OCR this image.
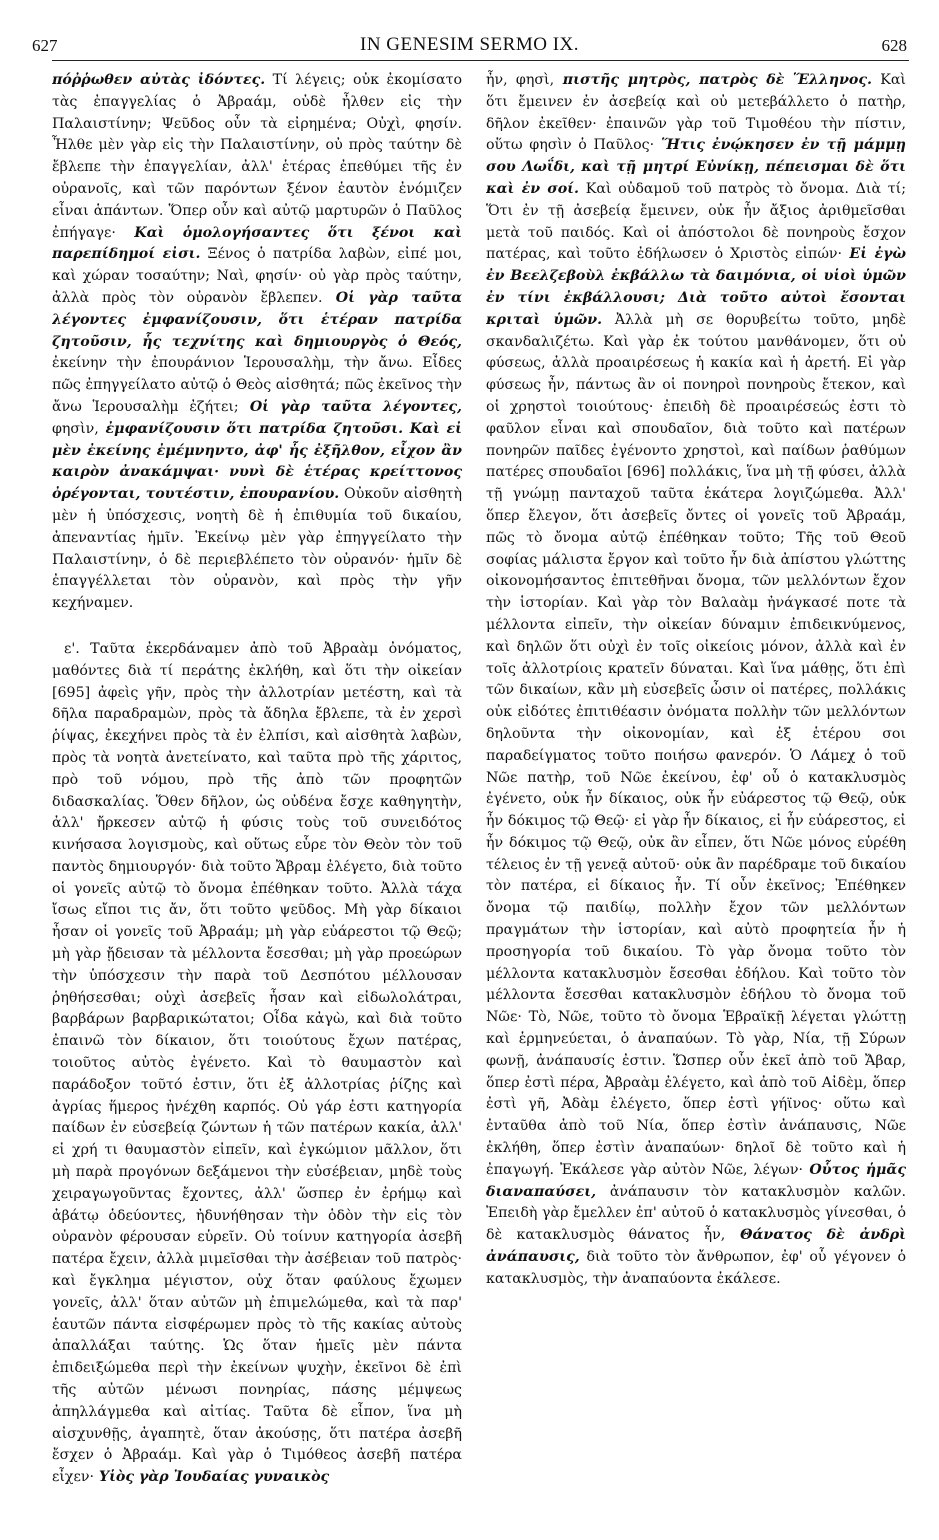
627	IN GENESIM SERMO IX.	628

πόῤῥωθεν αὐτὰς ἰδόντες. Τί λέγεις; οὐκ ἐκομίσατο τὰς ἐπαγγελίας ὁ Ἀβραάμ, οὐδὲ ἦλθεν εἰς τὴν Παλαιστίνην; Ψεῦδος οὖν τὰ εἰρημένα; Οὐχὶ, φησίν. Ἦλθε μὲν γὰρ εἰς τὴν Παλαιστίνην, οὐ πρὸς ταύτην δὲ ἔβλεπε τὴν ἐπαγγελίαν, ἀλλ' ἑτέρας ἐπεθύμει τῆς ἐν οὐρανοῖς, καὶ τῶν παρόντων ξένον ἑαυτὸν ἐνόμιζεν εἶναι ἁπάντων. Ὅπερ οὖν καὶ αὐτῷ μαρτυρῶν ὁ Παῦλος ἐπήγαγε· Καὶ ὁμολογήσαντες ὅτι ξένοι καὶ παρεπίδημοί εἰσι. Ξένος ὁ πατρίδα λαβὼν, εἰπέ μοι, καὶ χώραν τοσαύτην; Ναὶ, φησίν· οὐ γὰρ πρὸς ταύτην, ἀλλὰ πρὸς τὸν οὐρανὸν ἔβλεπεν. Οἱ γὰρ ταῦτα λέγοντες ἐμφανίζουσιν, ὅτι ἑτέραν πατρίδα ζητοῦσιν, ἧς τεχνίτης καὶ δημιουργὸς ὁ Θεός, ἐκείνην τὴν ἐπουράνιον Ἱερουσαλὴμ, τὴν ἄνω. Εἶδες πῶς ἐπηγγείλατο αὐτῷ ὁ Θεὸς αἰσθητά; πῶς ἐκεῖνος τὴν ἄνω Ἱερουσαλὴμ ἐζήτει; Οἱ γὰρ ταῦτα λέγοντες, φησὶν, ἐμφανίζουσιν ὅτι πατρίδα ζητοῦσι. Καὶ εἰ μὲν ἐκείνης ἐμέμνηντο, ἀφ' ἧς ἐξῆλθον, εἶχον ἂν καιρὸν ἀνακάμψαι· νυνὶ δὲ ἑτέρας κρείττονος ὀρέγονται, τουτέστιν, ἐπουρανίου. Οὐκοῦν αἰσθητὴ μὲν ἡ ὑπόσχεσις, νοητὴ δὲ ἡ ἐπιθυμία τοῦ δικαίου, ἀπεναντίας ἡμῖν. Ἐκείνῳ μὲν γὰρ ἐπηγγείλατο τὴν Παλαιστίνην, ὁ δὲ περιεβλέπετο τὸν οὐρανόν· ἡμῖν δὲ ἐπαγγέλλεται τὸν οὐρανὸν, καὶ πρὸς τὴν γῆν κεχήναμεν.

ε'. Ταῦτα ἐκερδάναμεν ἀπὸ τοῦ Ἀβραὰμ ὀνόματος, μαθόντες διὰ τί περάτης ἐκλήθη, καὶ ὅτι τὴν οἰκείαν [695] ἀφεὶς γῆν, πρὸς τὴν ἀλλοτρίαν μετέστη, καὶ τὰ δῆλα παραδραμὼν, πρὸς τὰ ἄδηλα ἔβλεπε, τὰ ἐν χερσὶ ῥίψας, ἐκεχήνει πρὸς τὰ ἐν ἐλπίσι, καὶ αἰσθητὰ λαβὼν, πρὸς τὰ νοητὰ ἀνετείνατο, καὶ ταῦτα πρὸ τῆς χάριτος, πρὸ τοῦ νόμου, πρὸ τῆς ἀπὸ τῶν προφητῶν διδασκαλίας. Ὅθεν δῆλον, ὡς οὐδένα ἔσχε καθηγητὴν, ἀλλ' ἤρκεσεν αὐτῷ ἡ φύσις τοὺς τοῦ συνειδότος κινήσασα λογισμοὺς, καὶ οὕτως εὗρε τὸν Θεὸν τὸν τοῦ παντὸς δημιουργόν· διὰ τοῦτο Ἄβραμ ἐλέγετο, διὰ τοῦτο οἱ γονεῖς αὐτῷ τὸ ὄνομα ἐπέθηκαν τοῦτο. Ἀλλὰ τάχα ἴσως εἴποι τις ἄν, ὅτι τοῦτο ψεῦδος. Μὴ γὰρ δίκαιοι ἦσαν οἱ γονεῖς τοῦ Ἀβραάμ; μὴ γὰρ εὐάρεστοι τῷ Θεῷ; μὴ γὰρ ᾔδεισαν τὰ μέλλοντα ἔσεσθαι; μὴ γὰρ προεώρων τὴν ὑπόσχεσιν τὴν παρὰ τοῦ Δεσπότου μέλλουσαν ῥηθήσεσθαι; οὐχὶ ἀσεβεῖς ἦσαν καὶ εἰδωλολάτραι, βαρβάρων βαρβαρικώτατοι; Οἶδα κἀγὼ, καὶ διὰ τοῦτο ἐπαινῶ τὸν δίκαιον, ὅτι τοιούτους ἔχων πατέρας, τοιοῦτος αὐτὸς ἐγένετο. Καὶ τὸ θαυμαστὸν καὶ παράδοξον τοῦτό ἐστιν, ὅτι ἐξ ἀλλοτρίας ῥίζης καὶ ἀγρίας ἥμερος ἠνέχθη καρπός. Οὐ γάρ ἐστι κατηγορία παίδων ἐν εὐσεβείᾳ ζώντων ἡ τῶν πατέρων κακία, ἀλλ' εἰ χρή τι θαυμαστὸν εἰπεῖν, καὶ ἐγκώμιον μᾶλλον, ὅτι μὴ παρὰ προγόνων δεξάμενοι τὴν εὐσέβειαν, μηδὲ τοὺς χειραγωγοῦντας ἔχοντες, ἀλλ' ὥσπερ ἐν ἐρήμῳ καὶ ἀβάτῳ ὁδεύοντες, ἠδυνήθησαν τὴν ὁδὸν τὴν εἰς τὸν οὐρανὸν φέρουσαν εὑρεῖν. Οὐ τοίνυν κατηγορία ἀσεβῆ πατέρα ἔχειν, ἀλλὰ μιμεῖσθαι τὴν ἀσέβειαν τοῦ πατρὸς· καὶ ἔγκλημα μέγιστον, οὐχ ὅταν φαύλους ἔχωμεν γονεῖς, ἀλλ' ὅταν αὐτῶν μὴ ἐπιμελώμεθα, καὶ τὰ παρ' ἑαυτῶν πάντα εἰσφέρωμεν πρὸς τὸ τῆς κακίας αὐτοὺς ἀπαλλάξαι ταύτης. Ὡς ὅταν ἡμεῖς μὲν πάντα ἐπιδειξώμεθα περὶ τὴν ἐκείνων ψυχὴν, ἐκεῖνοι δὲ ἐπὶ τῆς αὐτῶν μένωσι πονηρίας, πάσης μέμψεως ἀπηλλάγμεθα καὶ αἰτίας. Ταῦτα δὲ εἶπον, ἵνα μὴ αἰσχυνθῇς, ἀγαπητὲ, ὅταν ἀκούσῃς, ὅτι πατέρα ἀσεβῆ ἔσχεν ὁ Ἀβραάμ. Καὶ γὰρ ὁ Τιμόθεος ἀσεβῆ πατέρα εἶχεν· Υἱὸς γὰρ Ἰουδαίας γυναικὸς

ἦν, φησὶ, πιστῆς μητρὸς, πατρὸς δὲ Ἕλληνος. Καὶ ὅτι ἔμεινεν ἐν ἀσεβείᾳ καὶ οὐ μετεβάλλετο ὁ πατὴρ, δῆλον ἐκεῖθεν· ἐπαινῶν γὰρ τοῦ Τιμοθέου τὴν πίστιν, οὕτω φησὶν ὁ Παῦλος· Ἥτις ἐνῴκησεν ἐν τῇ μάμμῃ σου Λωΐδι, καὶ τῇ μητρί Εὐνίκῃ, πέπεισμαι δὲ ὅτι καὶ ἐν σοί. Καὶ οὐδαμοῦ τοῦ πατρὸς τὸ ὄνομα. Διὰ τί; Ὅτι ἐν τῇ ἀσεβείᾳ ἔμεινεν, οὐκ ἦν ἄξιος ἀριθμεῖσθαι μετὰ τοῦ παιδός. Καὶ οἱ ἀπόστολοι δὲ πονηροὺς ἔσχον πατέρας, καὶ τοῦτο ἐδήλωσεν ὁ Χριστὸς εἰπών· Εἰ ἐγὼ ἐν Βεελζεβοὺλ ἐκβάλλω τὰ δαιμόνια, οἱ υἱοὶ ὑμῶν ἐν τίνι ἐκβάλλουσι; Διὰ τοῦτο αὐτοὶ ἔσονται κριταὶ ὑμῶν. Ἀλλὰ μὴ σε θορυβείτω τοῦτο, μηδὲ σκανδαλιζέτω. Καὶ γὰρ ἐκ τούτου μανθάνομεν, ὅτι οὐ φύσεως, ἀλλὰ προαιρέσεως ἡ κακία καὶ ἡ ἀρετή. Εἰ γὰρ φύσεως ἦν, πάντως ἂν οἱ πονηροὶ πονηροὺς ἔτεκον, καὶ οἱ χρηστοὶ τοιούτους· ἐπειδὴ δὲ προαιρέσεώς ἐστι τὸ φαῦλον εἶναι καὶ σπουδαῖον, διὰ τοῦτο καὶ πατέρων πονηρῶν παῖδες ἐγένοντο χρηστοὶ, καὶ παίδων ῥαθύμων πατέρες σπουδαῖοι [696] πολλάκις, ἵνα μὴ τῇ φύσει, ἀλλὰ τῇ γνώμῃ πανταχοῦ ταῦτα ἑκάτερα λογιζώμεθα. Ἀλλ' ὅπερ ἔλεγον, ὅτι ἀσεβεῖς ὄντες οἱ γονεῖς τοῦ Ἀβραάμ, πῶς τὸ ὄνομα αὐτῷ ἐπέθηκαν τοῦτο; Τῆς τοῦ Θεοῦ σοφίας μάλιστα ἔργον καὶ τοῦτο ἦν διὰ ἀπίστου γλώττης οἰκονομήσαντος ἐπιτεθῆναι ὄνομα, τῶν μελλόντων ἔχον τὴν ἱστορίαν. Καὶ γὰρ τὸν Βαλαὰμ ἠνάγκασέ ποτε τὰ μέλλοντα εἰπεῖν, τὴν οἰκείαν δύναμιν ἐπιδεικνύμενος, καὶ δηλῶν ὅτι οὐχὶ ἐν τοῖς οἰκείοις μόνον, ἀλλὰ καὶ ἐν τοῖς ἀλλοτρίοις κρατεῖν δύναται. Καὶ ἵνα μάθῃς, ὅτι ἐπὶ τῶν δικαίων, κἂν μὴ εὐσεβεῖς ὦσιν οἱ πατέρες, πολλάκις οὐκ εἰδότες ἐπιτιθέασιν ὀνόματα πολλὴν τῶν μελλόντων δηλοῦντα τὴν οἰκονομίαν, καὶ ἐξ ἑτέρου σοι παραδείγματος τοῦτο ποιήσω φανερόν. Ὁ Λάμεχ ὁ τοῦ Νῶε πατὴρ, τοῦ Νῶε ἐκείνου, ἐφ' οὗ ὁ κατακλυσμὸς ἐγένετο, οὐκ ἦν δίκαιος, οὐκ ἦν εὐάρεστος τῷ Θεῷ, οὐκ ἦν δόκιμος τῷ Θεῷ· εἰ γὰρ ἦν δίκαιος, εἰ ἦν εὐάρεστος, εἰ ἦν δόκιμος τῷ Θεῷ, οὐκ ἂν εἶπεν, ὅτι Νῶε μόνος εὑρέθη τέλειος ἐν τῇ γενεᾷ αὐτοῦ· οὐκ ἂν παρέδραμε τοῦ δικαίου τὸν πατέρα, εἰ δίκαιος ἦν. Τί οὖν ἐκεῖνος; Ἐπέθηκεν ὄνομα τῷ παιδίῳ, πολλὴν ἔχον τῶν μελλόντων πραγμάτων τὴν ἱστορίαν, καὶ αὐτὸ προφητεία ἦν ἡ προσηγορία τοῦ δικαίου. Τὸ γὰρ ὄνομα τοῦτο τὸν μέλλοντα κατακλυσμὸν ἔσεσθαι ἐδήλου. Καὶ τοῦτο τὸν μέλλοντα ἔσεσθαι κατακλυσμὸν ἐδήλου τὸ ὄνομα τοῦ Νῶε· Τὸ, Νῶε, τοῦτο τὸ ὄνομα Ἑβραϊκῇ λέγεται γλώττῃ καὶ ἑρμηνεύεται, ὁ ἀναπαύων. Τὸ γὰρ, Νία, τῇ Σύρων φωνῇ, ἀνάπαυσίς ἐστιν. Ὥσπερ οὖν ἐκεῖ ἀπὸ τοῦ Ἄβαρ, ὅπερ ἐστὶ πέρα, Ἀβραὰμ ἐλέγετο, καὶ ἀπὸ τοῦ Αἰδὲμ, ὅπερ ἐστὶ γῆ, Ἀδὰμ ἐλέγετο, ὅπερ ἐστὶ γήϊνος· οὕτω καὶ ἐνταῦθα ἀπὸ τοῦ Νία, ὅπερ ἐστὶν ἀνάπαυσις, Νῶε ἐκλήθη, ὅπερ ἐστὶν ἀναπαύων· δηλοῖ δὲ τοῦτο καὶ ἡ ἐπαγωγή. Ἐκάλεσε γὰρ αὐτὸν Νῶε, λέγων· Οὗτος ἡμᾶς διαναπαύσει, ἀνάπαυσιν τὸν κατακλυσμὸν καλῶν. Ἐπειδὴ γὰρ ἔμελλεν ἐπ' αὐτοῦ ὁ κατακλυσμὸς γίνεσθαι, ὁ δὲ κατακλυσμὸς θάνατος ἦν, Θάνατος δὲ ἀνδρὶ ἀνάπαυσις, διὰ τοῦτο τὸν ἄνθρωπον, ἐφ' οὗ γέγονεν ὁ κατακλυσμὸς, τὴν ἀναπαύοντα ἐκάλεσε.
